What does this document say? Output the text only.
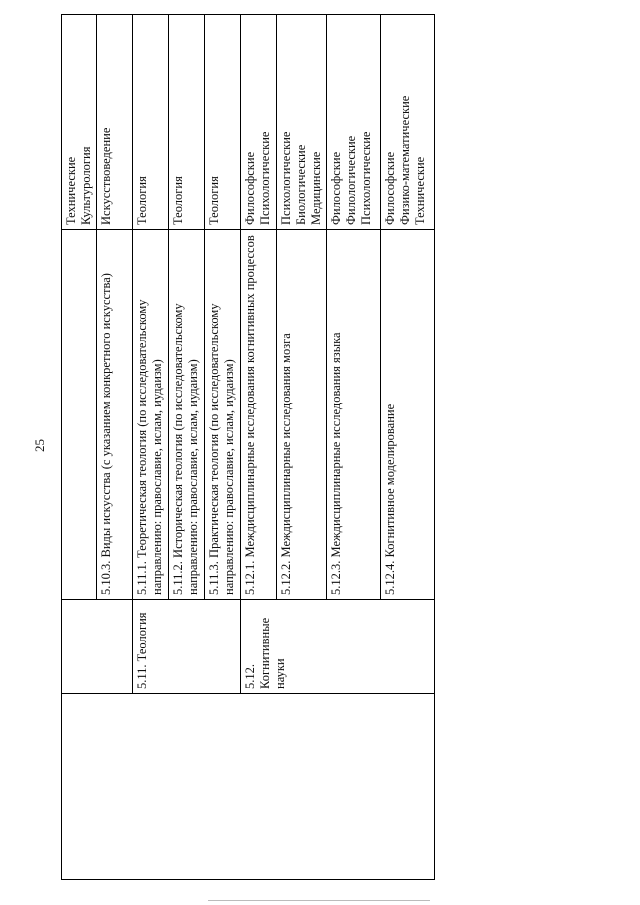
25

			Технические Культурология

		5.10.3. Виды искусства (с указанием конкретного искусства)	Искусствоведение

	5.11. Теология	5.11.1. Теоретическая теология (по исследовательскому направлению: православие, ислам, иудаизм)	Теология

		5.11.2. Историческая теология (по исследовательскому направлению: православие, ислам, иудаизм)	Теология

		5.11.3. Практическая теология (по исследовательскому направлению: православие, ислам, иудаизм)	Теология

	5.12. Когнитивные науки	5.12.1. Междисциплинарные исследования когнитивных процессов	Философские Психологические

		5.12.2. Междисциплинарные исследования мозга	Психологические Биологические Медицинские

		5.12.3. Междисциплинарные исследования языка	Философские Филологические Психологические

		5.12.4. Когнитивное моделирование	Философские Физико-математические Технические
